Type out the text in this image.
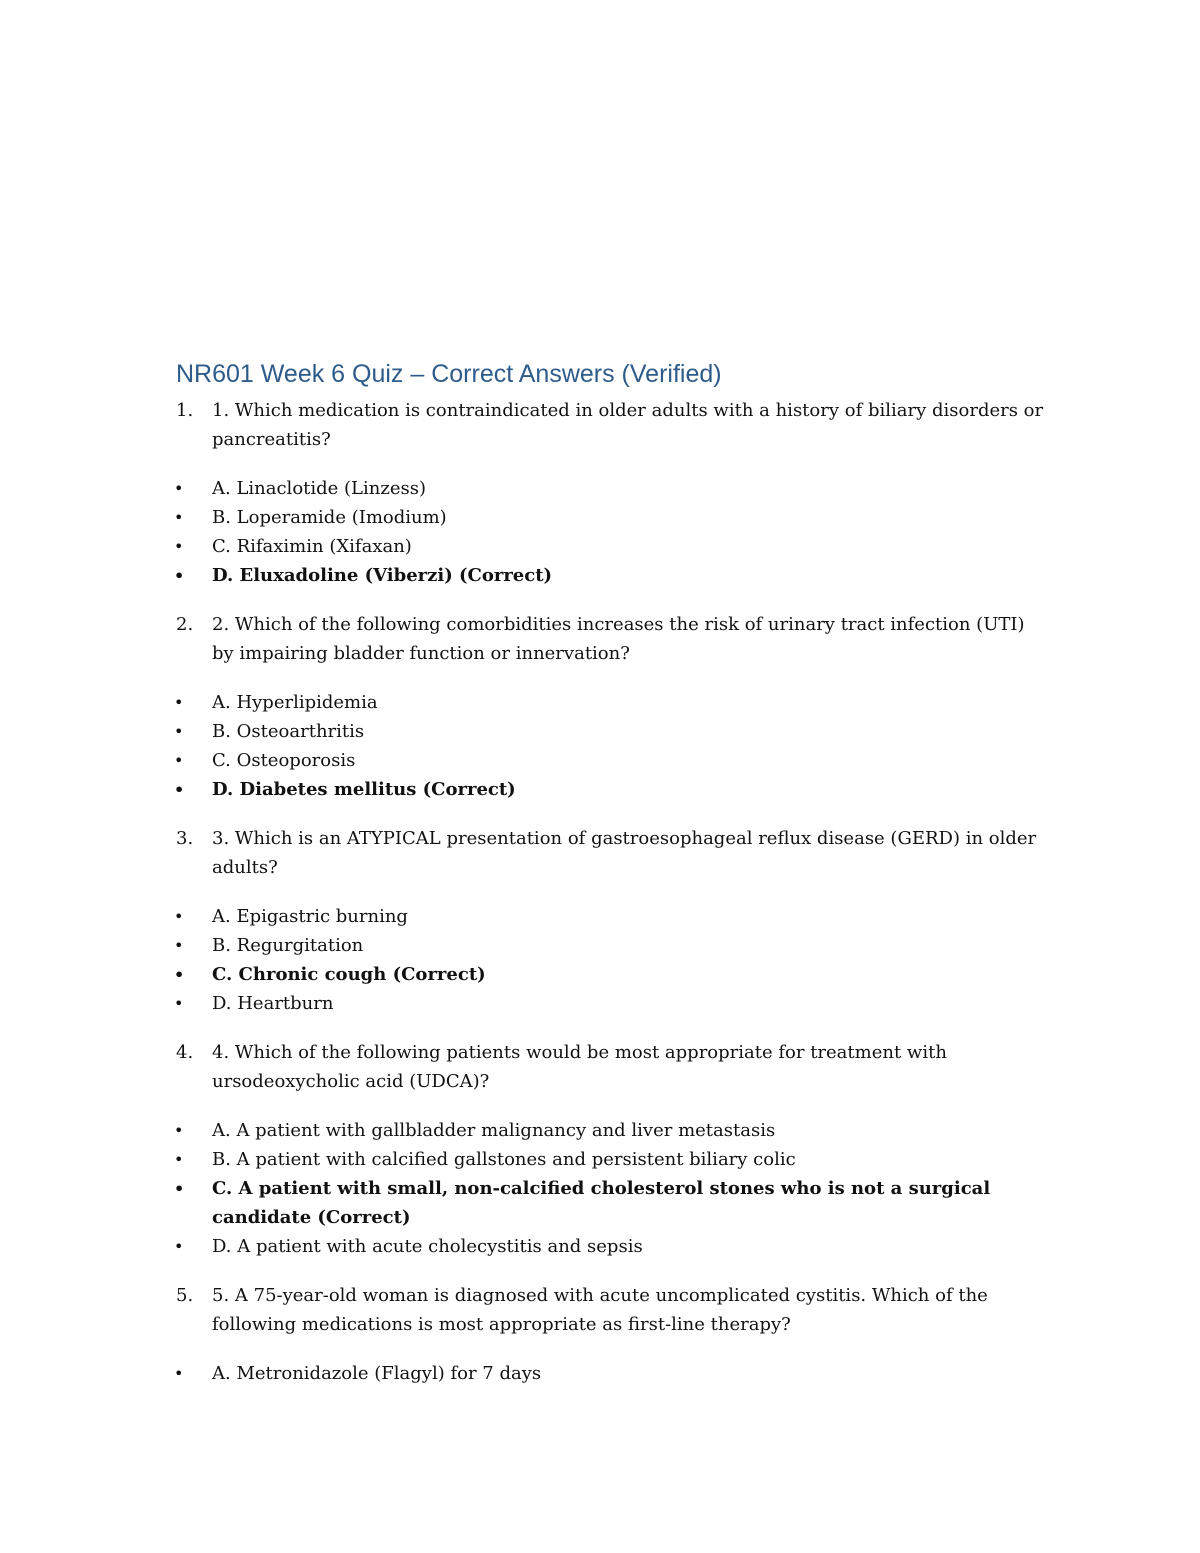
NR601 Week 6 Quiz – Correct Answers (Verified)
1. 1. Which medication is contraindicated in older adults with a history of biliary disorders or pancreatitis?
• A. Linaclotide (Linzess)
• B. Loperamide (Imodium)
• C. Rifaximin (Xifaxan)
• D. Eluxadoline (Viberzi) (Correct)
2. 2. Which of the following comorbidities increases the risk of urinary tract infection (UTI) by impairing bladder function or innervation?
• A. Hyperlipidemia
• B. Osteoarthritis
• C. Osteoporosis
• D. Diabetes mellitus (Correct)
3. 3. Which is an ATYPICAL presentation of gastroesophageal reflux disease (GERD) in older adults?
• A. Epigastric burning
• B. Regurgitation
• C. Chronic cough (Correct)
• D. Heartburn
4. 4. Which of the following patients would be most appropriate for treatment with ursodeoxycholic acid (UDCA)?
• A. A patient with gallbladder malignancy and liver metastasis
• B. A patient with calcified gallstones and persistent biliary colic
• C. A patient with small, non-calcified cholesterol stones who is not a surgical candidate (Correct)
• D. A patient with acute cholecystitis and sepsis
5. 5. A 75-year-old woman is diagnosed with acute uncomplicated cystitis. Which of the following medications is most appropriate as first-line therapy?
• A. Metronidazole (Flagyl) for 7 days
